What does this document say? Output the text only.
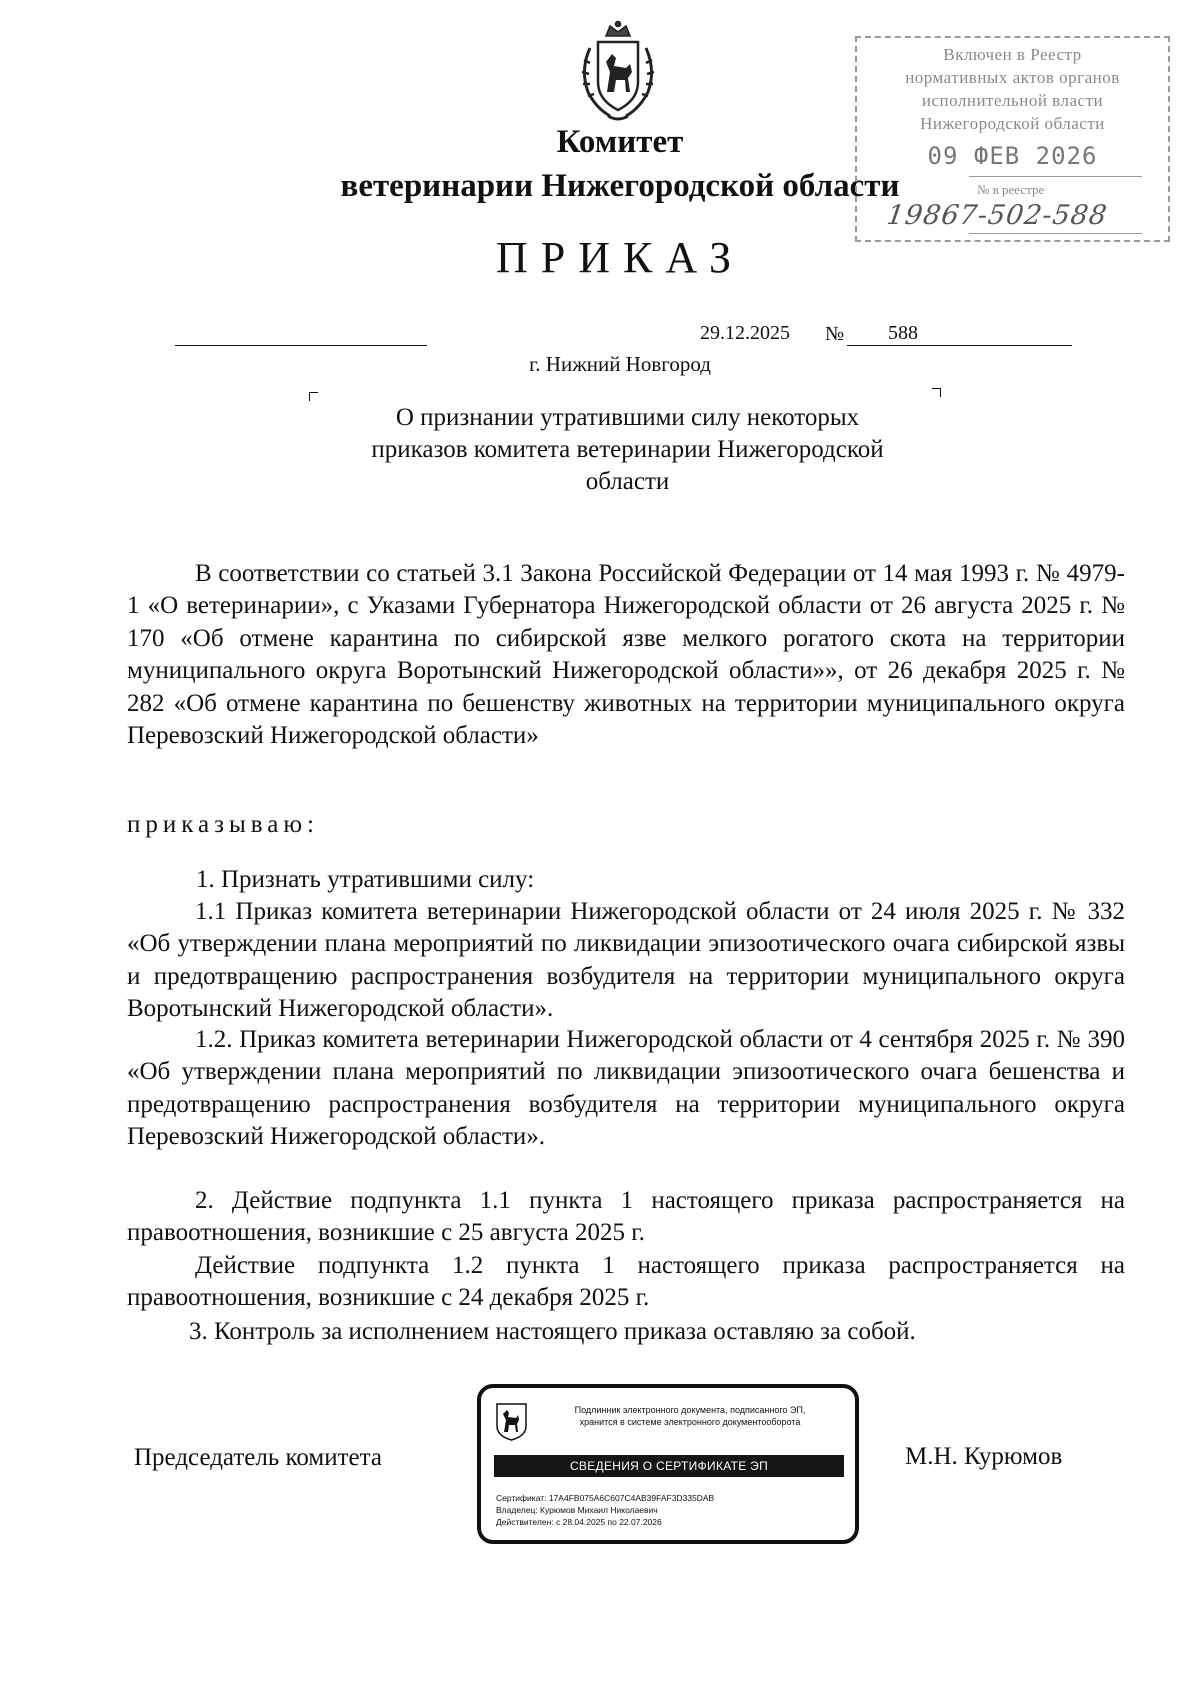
Комитет
ветеринарии Нижегородской области
ПРИКАЗ
Включен в Реестр
нормативных актов органов
исполнительной власти
Нижегородской области
09 ФЕВ 2026
№ в реестре
19867-502-588
29.12.2025 № 588
г. Нижний Новгород
О признании утратившими силу некоторых
приказов комитета ветеринарии Нижегородской
области
В соответствии со статьей 3.1 Закона Российской Федерации от 14 мая 1993 г. № 4979-1 «О ветеринарии», с Указами Губернатора Нижегородской области от 26 августа 2025 г. № 170 «Об отмене карантина по сибирской язве мелкого рогатого скота на территории муниципального округа Воротынский Нижегородской области»», от 26 декабря 2025 г. № 282 «Об отмене карантина по бешенству животных на территории муниципального округа Перевозский Нижегородской области»
приказываю:
1. Признать утратившими силу:
1.1 Приказ комитета ветеринарии Нижегородской области от 24 июля 2025 г. № 332 «Об утверждении плана мероприятий по ликвидации эпизоотического очага сибирской язвы и предотвращению распространения возбудителя на территории муниципального округа Воротынский Нижегородской области».
1.2. Приказ комитета ветеринарии Нижегородской области от 4 сентября 2025 г. № 390 «Об утверждении плана мероприятий по ликвидации эпизоотического очага бешенства и предотвращению распространения возбудителя на территории муниципального округа Перевозский Нижегородской области».
2. Действие подпункта 1.1 пункта 1 настоящего приказа распространяется на правоотношения, возникшие с 25 августа 2025 г.
Действие подпункта 1.2 пункта 1 настоящего приказа распространяется на правоотношения, возникшие с 24 декабря 2025 г.
3. Контроль за исполнением настоящего приказа оставляю за собой.
Председатель комитета	М.Н. Курюмов
Подлинник электронного документа, подписанного ЭП,
хранится в системе электронного документооборота
СВЕДЕНИЯ О СЕРТИФИКАТЕ ЭП
Сертификат: 17A4FB075A6C607C4AB39FAF3D335DAB
Владелец: Курюмов Михаил Николаевич
Действителен: с 28.04.2025 по 22.07.2026
